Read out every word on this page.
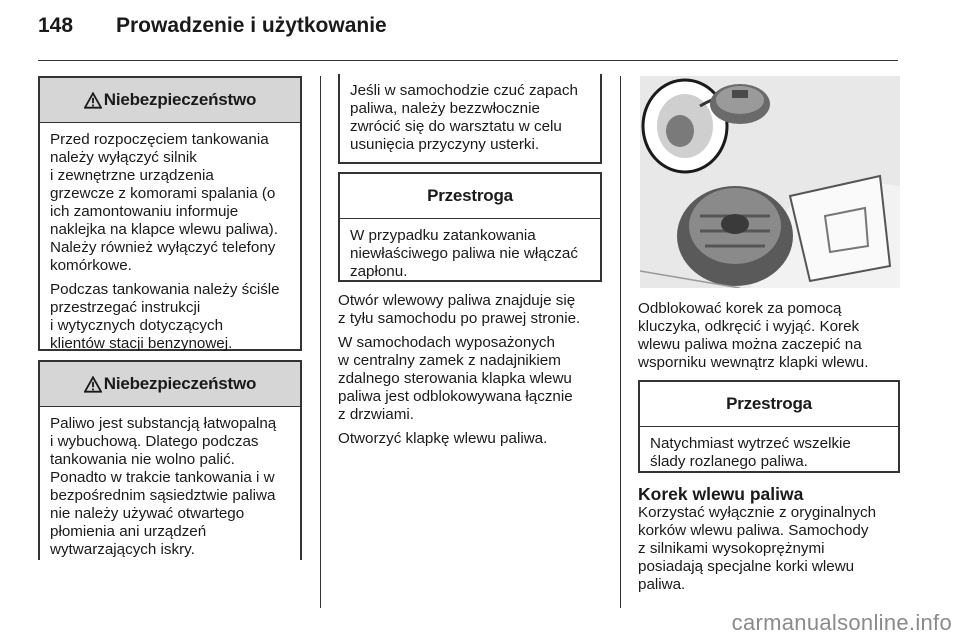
148 Prowadzenie i użytkowanie
Niebezpieczeństwo

Przed rozpoczęciem tankowania
należy wyłączyć silnik
i zewnętrzne urządzenia
grzewcze z komorami spalania (o
ich zamontowaniu informuje
naklejka na klapce wlewu paliwa).
Należy również wyłączyć telefony
komórkowe.

Podczas tankowania należy ściśle
przestrzegać instrukcji
i wytycznych dotyczących
klientów stacji benzynowej.

Niebezpieczeństwo

Paliwo jest substancją łatwopalną
i wybuchową. Dlatego podczas
tankowania nie wolno palić.
Ponadto w trakcie tankowania i w
bezpośrednim sąsiedztwie paliwa
nie należy używać otwartego
płomienia ani urządzeń
wytwarzających iskry.

Jeśli w samochodzie czuć zapach
paliwa, należy bezzwłocznie
zwrócić się do warsztatu w celu
usunięcia przyczyny usterki.

Przestroga

W przypadku zatankowania
niewłaściwego paliwa nie włączać
zapłonu.

Otwór wlewowy paliwa znajduje się
z tyłu samochodu po prawej stronie.

W samochodach wyposażonych
w centralny zamek z nadajnikiem
zdalnego sterowania klapka wlewu
paliwa jest odblokowywana łącznie
z drzwiami.

Otworzyć klapkę wlewu paliwa.

Odblokować korek za pomocą
kluczyka, odkręcić i wyjąć. Korek
wlewu paliwa można zaczepić na
wsporniku wewnątrz klapki wlewu.

Przestroga

Natychmiast wytrzeć wszelkie
ślady rozlanego paliwa.

Korek wlewu paliwa

Korzystać wyłącznie z oryginalnych
korków wlewu paliwa. Samochody
z silnikami wysokoprężnymi
posiadają specjalne korki wlewu
paliwa.

carmanualsonline.info
